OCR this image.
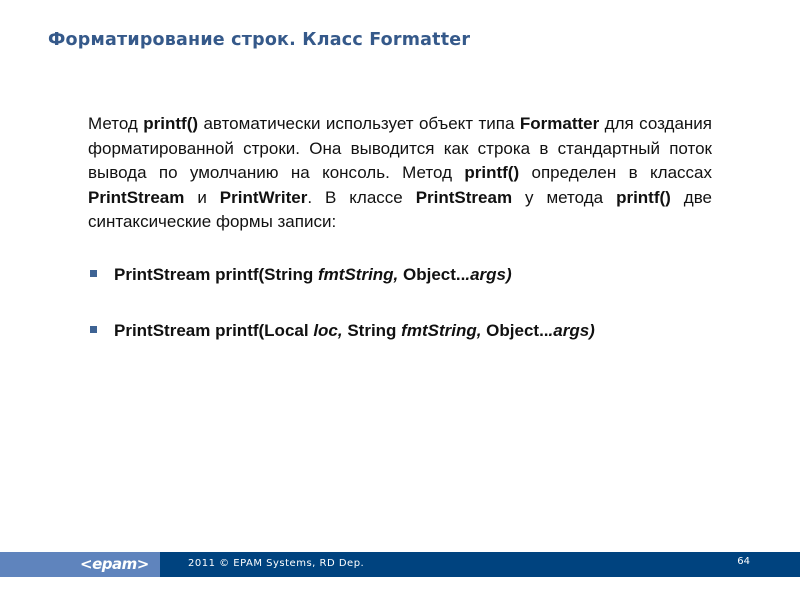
Форматирование строк. Класс Formatter
Метод printf() автоматически использует объект типа Formatter для создания форматированной строки. Она выводится как строка в стандартный поток вывода по умолчанию на консоль. Метод printf() определен в классах PrintStream и PrintWriter. В классе PrintStream у метода printf() две синтаксические формы записи:
PrintStream printf(String fmtString, Object...args)
PrintStream printf(Local loc, String fmtString, Object...args)
<epam>	2011 © EPAM Systems, RD Dep.	64
